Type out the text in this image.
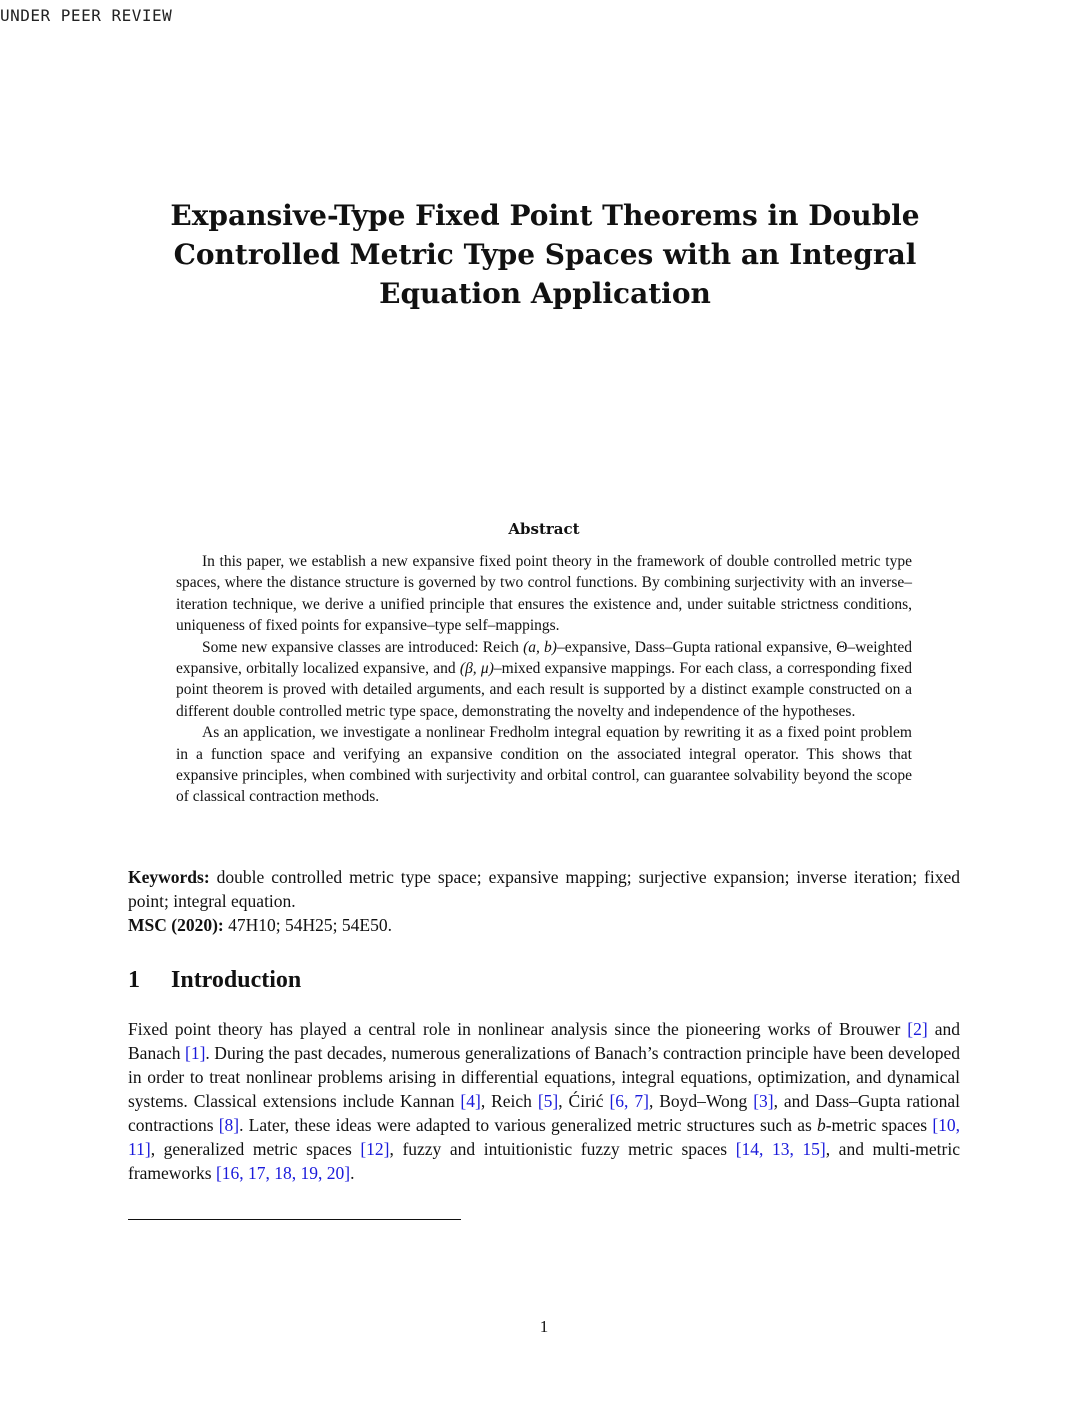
UNDER PEER REVIEW
Expansive-Type Fixed Point Theorems in Double Controlled Metric Type Spaces with an Integral Equation Application
Abstract

In this paper, we establish a new expansive fixed point theory in the framework of double controlled metric type spaces, where the distance structure is governed by two control functions. By combining surjectivity with an inverse–iteration technique, we derive a unified principle that ensures the existence and, under suitable strictness conditions, uniqueness of fixed points for expansive–type self–mappings.

Some new expansive classes are introduced: Reich (a, b)–expansive, Dass–Gupta rational expansive, Θ–weighted expansive, orbitally localized expansive, and (β, μ)–mixed expansive mappings. For each class, a corresponding fixed point theorem is proved with detailed arguments, and each result is supported by a distinct example constructed on a different double controlled metric type space, demonstrating the novelty and independence of the hypotheses.

As an application, we investigate a nonlinear Fredholm integral equation by rewriting it as a fixed point problem in a function space and verifying an expansive condition on the associated integral operator. This shows that expansive principles, when combined with surjectivity and orbital control, can guarantee solvability beyond the scope of classical contraction methods.

Keywords: double controlled metric type space; expansive mapping; surjective expansion; inverse iteration; fixed point; integral equation.

MSC (2020): 47H10; 54H25; 54E50.

1 Introduction

Fixed point theory has played a central role in nonlinear analysis since the pioneering works of Brouwer [2] and Banach [1]. During the past decades, numerous generalizations of Banach’s contraction principle have been developed in order to treat nonlinear problems arising in differential equations, integral equations, optimization, and dynamical systems. Classical extensions include Kannan [4], Reich [5], Ćirić [6, 7], Boyd–Wong [3], and Dass–Gupta rational contractions [8]. Later, these ideas were adapted to various generalized metric structures such as b-metric spaces [10, 11], generalized metric spaces [12], fuzzy and intuitionistic fuzzy metric spaces [14, 13, 15], and multi-metric frameworks [16, 17, 18, 19, 20].

1
